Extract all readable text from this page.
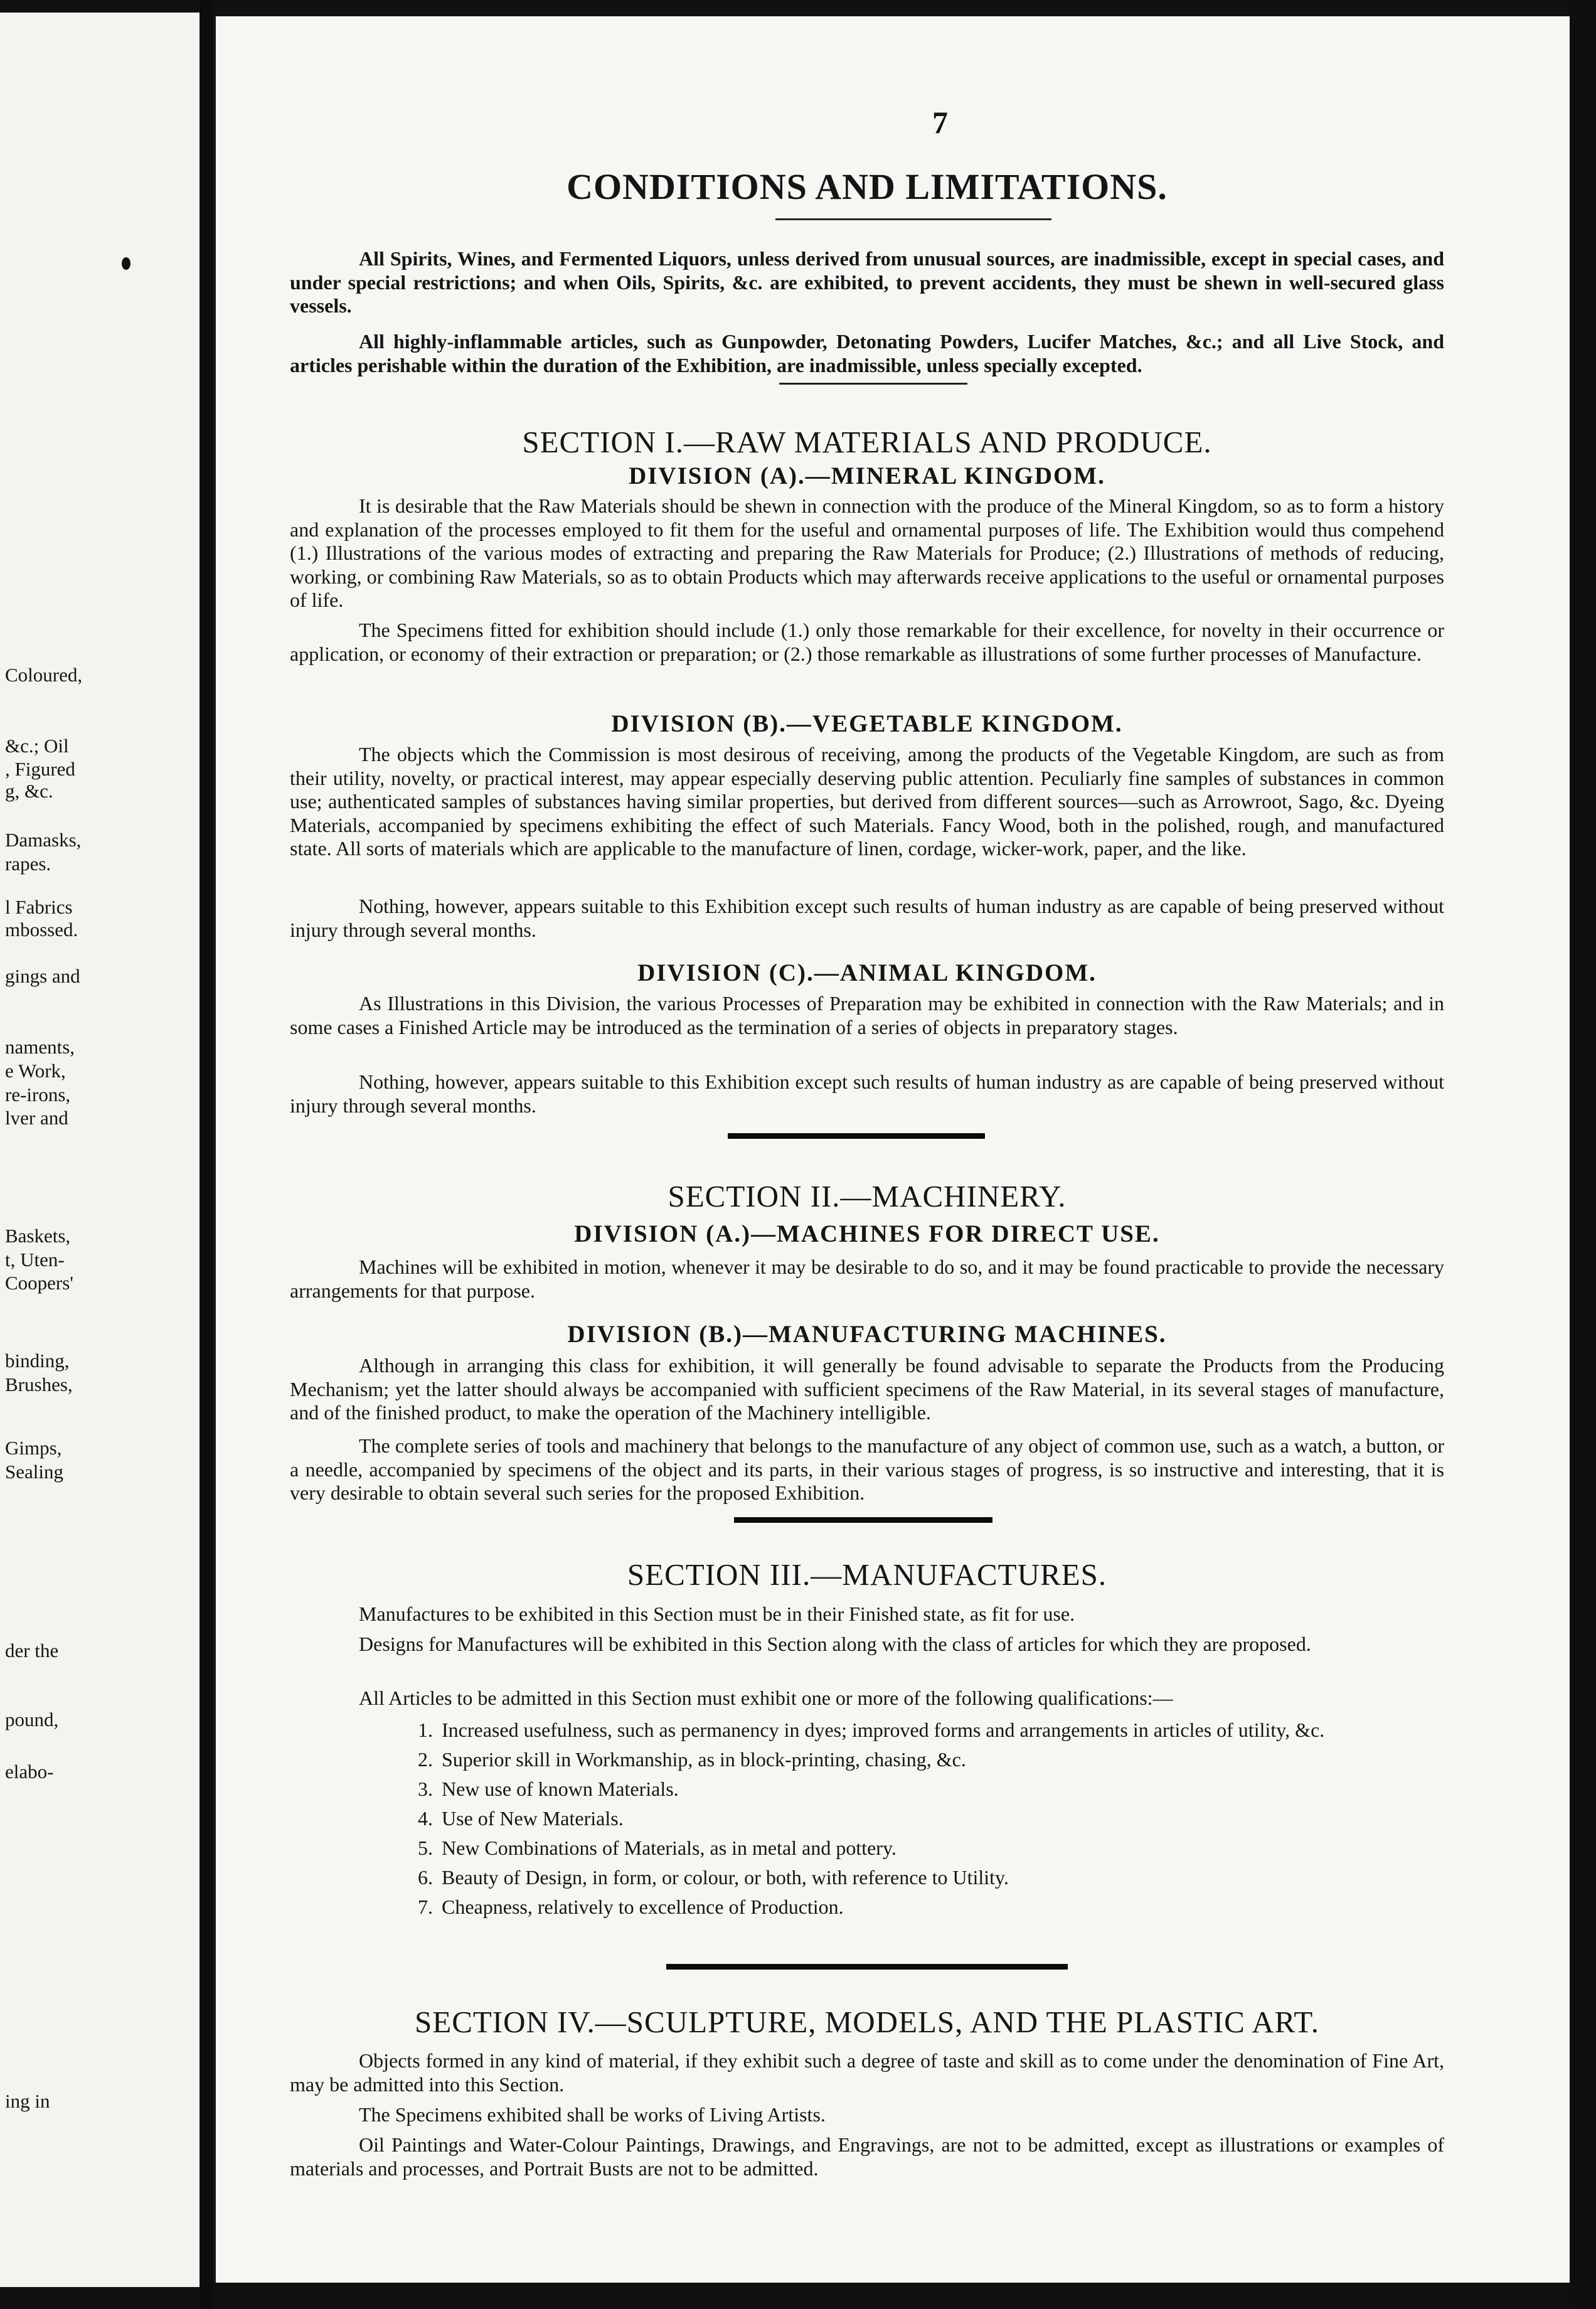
Coloured,
&c.; Oil
, Figured
g, &c.
Damasks,
rapes.
l Fabrics
mbossed.
gings and
naments,
e Work,
re-irons,
lver and
Baskets,
t, Uten-
Coopers'
binding,
Brushes,
Gimps,
Sealing
der the
pound,
elabo-
ing in
7
CONDITIONS AND LIMITATIONS.

All Spirits, Wines, and Fermented Liquors, unless derived from unusual sources, are inadmissible, except in special cases, and under special restrictions; and when Oils, Spirits, &c. are exhibited, to prevent accidents, they must be shewn in well-secured glass vessels.

All highly-inflammable articles, such as Gunpowder, Detonating Powders, Lucifer Matches, &c.; and all Live Stock, and articles perishable within the duration of the Exhibition, are inadmissible, unless specially excepted.

SECTION I.—RAW MATERIALS AND PRODUCE.
DIVISION (A).—MINERAL KINGDOM.

It is desirable that the Raw Materials should be shewn in connection with the produce of the Mineral Kingdom, so as to form a history and explanation of the processes employed to fit them for the useful and ornamental purposes of life. The Exhibition would thus compehend (1.) Illustrations of the various modes of extracting and preparing the Raw Materials for Produce; (2.) Illustrations of methods of reducing, working, or combining Raw Materials, so as to obtain Products which may afterwards receive applications to the useful or ornamental purposes of life.

The Specimens fitted for exhibition should include (1.) only those remarkable for their excellence, for novelty in their occurrence or application, or economy of their extraction or preparation; or (2.) those remarkable as illustrations of some further processes of Manufacture.

DIVISION (B).—VEGETABLE KINGDOM.

The objects which the Commission is most desirous of receiving, among the products of the Vegetable Kingdom, are such as from their utility, novelty, or practical interest, may appear especially deserving public attention. Peculiarly fine samples of substances in common use; authenticated samples of substances having similar properties, but derived from different sources—such as Arrowroot, Sago, &c. Dyeing Materials, accompanied by specimens exhibiting the effect of such Materials. Fancy Wood, both in the polished, rough, and manufactured state. All sorts of materials which are applicable to the manufacture of linen, cordage, wicker-work, paper, and the like.

Nothing, however, appears suitable to this Exhibition except such results of human industry as are capable of being preserved without injury through several months.

DIVISION (C).—ANIMAL KINGDOM.

As Illustrations in this Division, the various Processes of Preparation may be exhibited in connection with the Raw Materials; and in some cases a Finished Article may be introduced as the termination of a series of objects in preparatory stages.

Nothing, however, appears suitable to this Exhibition except such results of human industry as are capable of being preserved without injury through several months.

SECTION II.—MACHINERY.
DIVISION (A.)—MACHINES FOR DIRECT USE.

Machines will be exhibited in motion, whenever it may be desirable to do so, and it may be found practicable to provide the necessary arrangements for that purpose.

DIVISION (B.)—MANUFACTURING MACHINES.

Although in arranging this class for exhibition, it will generally be found advisable to separate the Products from the Producing Mechanism; yet the latter should always be accompanied with sufficient specimens of the Raw Material, in its several stages of manufacture, and of the finished product, to make the operation of the Machinery intelligible.

The complete series of tools and machinery that belongs to the manufacture of any object of common use, such as a watch, a button, or a needle, accompanied by specimens of the object and its parts, in their various stages of progress, is so instructive and interesting, that it is very desirable to obtain several such series for the proposed Exhibition.

SECTION III.—MANUFACTURES.

Manufactures to be exhibited in this Section must be in their Finished state, as fit for use.

Designs for Manufactures will be exhibited in this Section along with the class of articles for which they are proposed.

All Articles to be admitted in this Section must exhibit one or more of the following qualifications:—

1. Increased usefulness, such as permanency in dyes; improved forms and arrangements in articles of utility, &c.
2. Superior skill in Workmanship, as in block-printing, chasing, &c.
3. New use of known Materials.
4. Use of New Materials.
5. New Combinations of Materials, as in metal and pottery.
6. Beauty of Design, in form, or colour, or both, with reference to Utility.
7. Cheapness, relatively to excellence of Production.
SECTION IV.—SCULPTURE, MODELS, AND THE PLASTIC ART.

Objects formed in any kind of material, if they exhibit such a degree of taste and skill as to come under the denomination of Fine Art, may be admitted into this Section.

The Specimens exhibited shall be works of Living Artists.

Oil Paintings and Water-Colour Paintings, Drawings, and Engravings, are not to be admitted, except as illustrations or examples of materials and processes, and Portrait Busts are not to be admitted.
